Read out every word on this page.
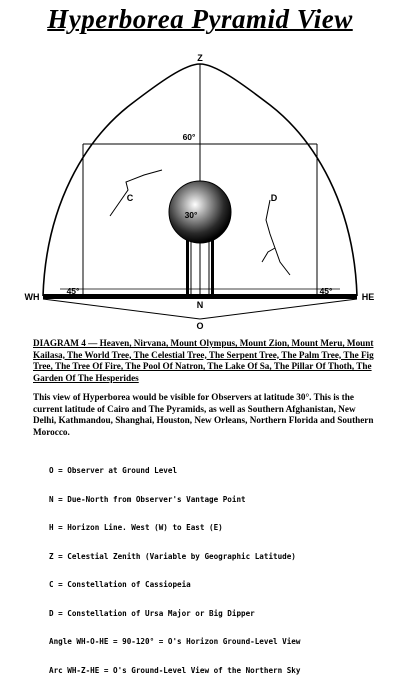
Hyperborea Pyramid View
Z
60°
30°
C	D
45°	45°
WH	HE
N
O
DIAGRAM 4 — Heaven, Nirvana, Mount Olympus, Mount Zion, Mount Meru, Mount Kailasa, The World Tree, The Celestial Tree, The Serpent Tree, The Palm Tree, The Fig Tree, The Tree Of Fire, The Pool Of Natron, The Lake Of Sa, The Pillar Of Thoth, The Garden Of The Hesperides
This view of Hyperborea would be visible for Observers at latitude 30°. This is the current latitude of Cairo and The Pyramids, as well as Southern Afghanistan, New Delhi, Kathmandou, Shanghai, Houston, New Orleans, Northern Florida and Southern Morocco.

O = Observer at Ground Level

N = Due-North from Observer's Vantage Point

H = Horizon Line. West (W) to East (E)

Z = Celestial Zenith (Variable by Geographic Latitude)

C = Constellation of Cassiopeia

D = Constellation of Ursa Major or Big Dipper

Angle WH-O-HE = 90-120° = O's Horizon Ground-Level View

Arc WH-Z-HE = O's Ground-Level View of the Northern Sky
